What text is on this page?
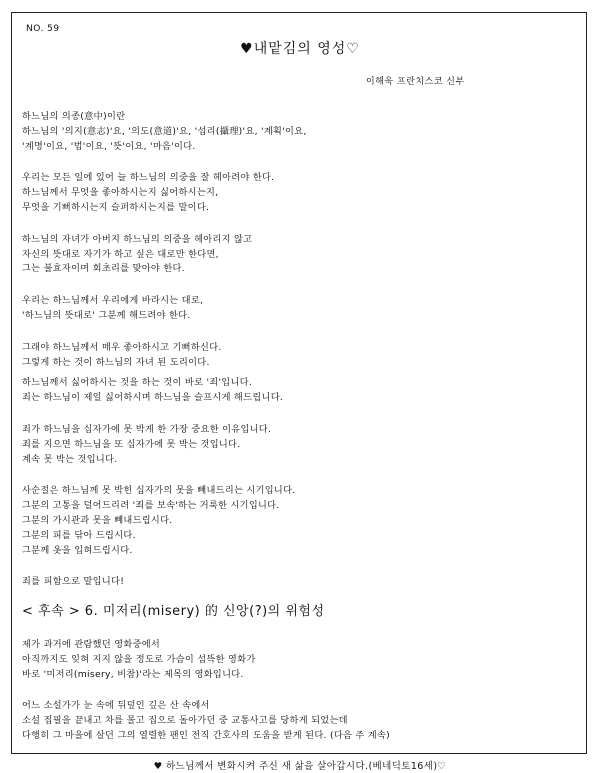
NO. 59
♥내맡김의 영성♡
이해욱 프란치스코 신부

하느님의 의종(意中)이란

하느님의 '의지(意志)'요, '의도(意道)'요, '섭리(攝理)'요, '계획'이요,

'계명'이요, '법'이요, '뜻'이요, '마음'이다.

우리는 모든 일에 있어 늘 하느님의 의중을 잘 헤아려야 한다.

하느님께서 무엇을 좋아하시는지 싫어하시는지,

무엇을 기뻐하시는지 슬퍼하시는지를 말이다.

하느님의 자녀가 아버지 하느님의 의중을 헤아리지 않고

자신의 뜻대로 자기가 하고 싶은 대로만 한다면,

그는 불효자이며 회초리를 맞아야 한다.

우리는 하느님께서 우리에게 바라시는 대로,

'하느님의 뜻대로' 그분께 해드려야 한다.

그래야 하느님께서 매우 좋아하시고 기뻐하신다.

그렇게 하는 것이 하느님의 자녀 된 도리이다.

하느님께서 싫어하시는 것을 하는 것이 바로 '죄'입니다.

죄는 하느님이 제일 싫어하시며 하느님을 슬프시게 해드립니다.

죄가 하느님을 십자가에 못 박게 한 가장 중요한 이유입니다.

죄를 지으면 하느님을 또 십자가에 못 박는 것입니다.

계속 못 박는 것입니다.

사순절은 하느님께 못 박힌 십자가의 못을 빼내드리는 시기입니다.

그분의 고통을 덜어드리려 '죄를 보속'하는 거룩한 시기입니다.

그분의 가시관과 못을 빼내드립시다.

그분의 피를 닦아 드립시다.

그분께 옷을 입혀드립시다.

죄를 피함으로 말입니다!

< 후속 > 6. 미저리(misery) 的 신앙(?)의 위험성

제가 과거에 관람했던 영화중에서

아직까지도 잊혀 지지 않을 정도로 가슴이 섬뜩한 영화가

바로 '미저리(misery, 비참)'라는 제목의 영화입니다.

어느 소설가가 눈 속에 뒤덮인 깊은 산 속에서

소설 집필을 끝내고 차를 몰고 집으로 돌아가던 중 교통사고를 당하게 되었는데

다행히 그 마을에 살던 그의 열렬한 팬인 전직 간호사의 도움을 받게 된다. (다음 주 계속)

♥ 하느님께서 변화시켜 주신 새 삶을 살아갑시다.(베네딕토16세)♡
